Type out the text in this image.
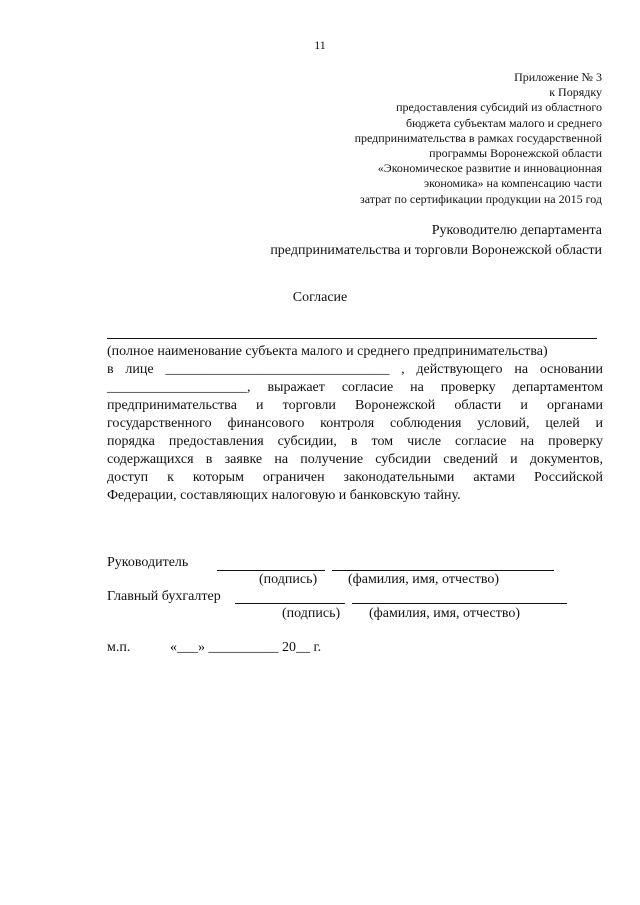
11
Приложение № 3
к Порядку
предоставления субсидий из областного
бюджета субъектам малого и среднего
предпринимательства в рамках государственной
программы Воронежской области
«Экономическое развитие и инновационная
экономика» на компенсацию части
затрат по сертификации продукции на 2015 год
Руководителю департамента
предпринимательства и торговли Воронежской области
Согласие
(полное наименование субъекта малого и среднего предпринимательства)
в лице ________________________________ , действующего на основании
____________________, выражает согласие на проверку департаментом
предпринимательства и торговли Воронежской области и органами
государственного финансового контроля соблюдения условий, целей и
порядка предоставления субсидии, в том числе согласие на проверку
содержащихся в заявке на получение субсидии сведений и документов,
доступ к которым ограничен законодательными актами Российской
Федерации, составляющих налоговую и банковскую тайну.
Руководитель
(подпись) (фамилия, имя, отчество)
Главный бухгалтер
(подпись) (фамилия, имя, отчество)
м.п.	«___» __________ 20__ г.
